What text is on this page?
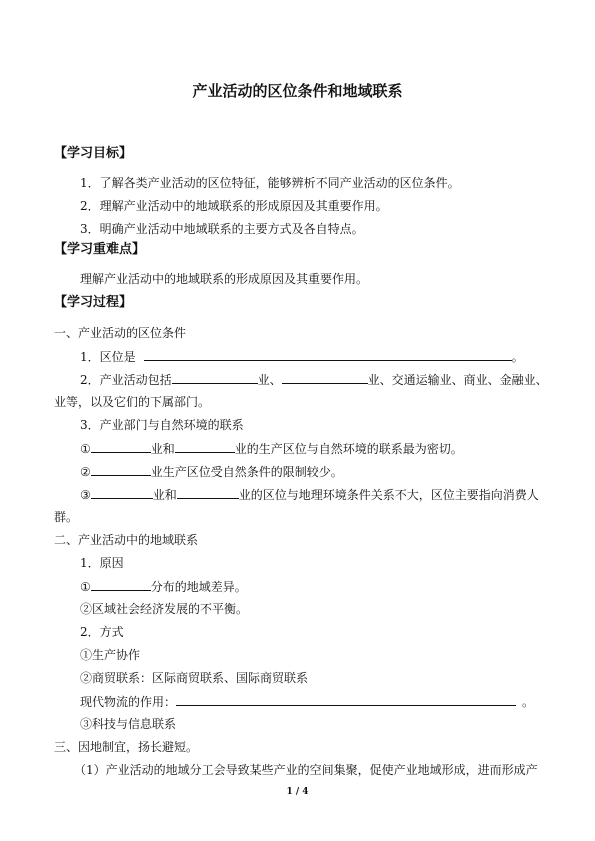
产业活动的区位条件和地域联系
【学习目标】
1．了解各类产业活动的区位特征，能够辨析不同产业活动的区位条件。
2．理解产业活动中的地域联系的形成原因及其重要作用。
3．明确产业活动中地域联系的主要方式及各自特点。
【学习重难点】
理解产业活动中的地域联系的形成原因及其重要作用。
【学习过程】
一、产业活动的区位条件
1．区位是	。
2．产业活动包括	业、	业、交通运输业、商业、金融业、
业等，以及它们的下属部门。
3．产业部门与自然环境的联系
①	业和	业的生产区位与自然环境的联系最为密切。
②	业生产区位受自然条件的限制较少。
③	业和	业的区位与地理环境条件关系不大，区位主要指向消费人
群。
二、产业活动中的地域联系
1．原因
①	分布的地域差异。
②区域社会经济发展的不平衡。
2．方式
①生产协作
②商贸联系：区际商贸联系、国际商贸联系
现代物流的作用：	。
③科技与信息联系
三、因地制宜，扬长避短。
（1）产业活动的地域分工会导致某些产业的空间集聚，促使产业地域形成，进而形成产
1 / 4
